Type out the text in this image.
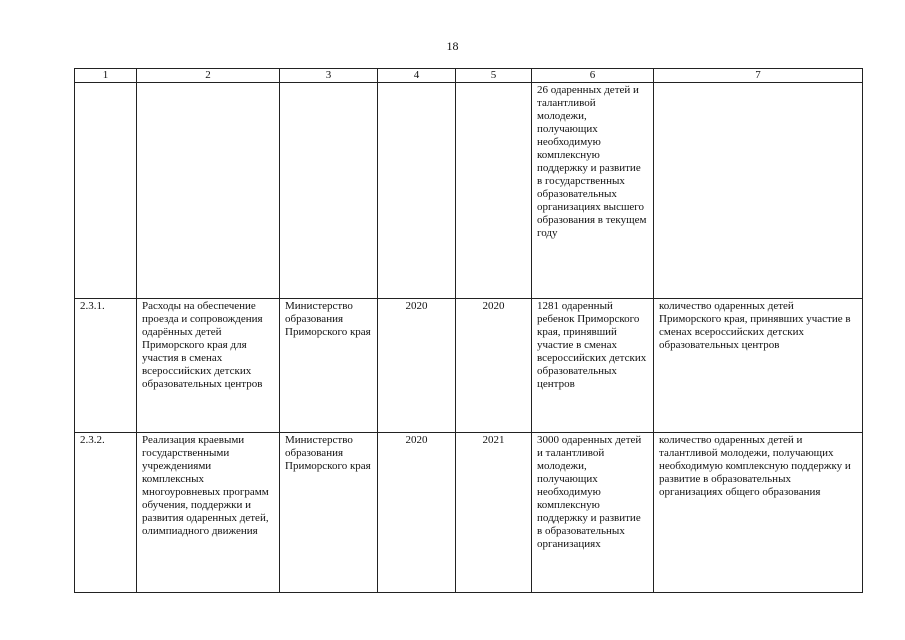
18
1	2	3	4	5	6	7
					26 одаренных детей и талантливой молодежи, получающих необходимую комплексную поддержку и развитие в государственных образовательных организациях высшего образования в текущем году	
2.3.1.	Расходы на обеспечение проезда и сопровождения одарённых детей Приморского края для участия в сменах всероссийских детских образовательных центров	Министерство образования Приморского края	2020	2020	1281 одаренный ребенок Приморского края, принявший участие в сменах всероссийских детских образовательных центров	количество одаренных детей Приморского края, принявших участие в сменах всероссийских детских образовательных центров
2.3.2.	Реализация краевыми государственными учреждениями комплексных многоуровневых программ обучения, поддержки и развития одаренных детей, олимпиадного движения	Министерство образования Приморского края	2020	2021	3000 одаренных детей и талантливой молодежи, получающих необходимую комплексную поддержку и развитие в образовательных организациях	количество одаренных детей и талантливой молодежи, получающих необходимую комплексную поддержку и развитие в образовательных организациях общего образования
